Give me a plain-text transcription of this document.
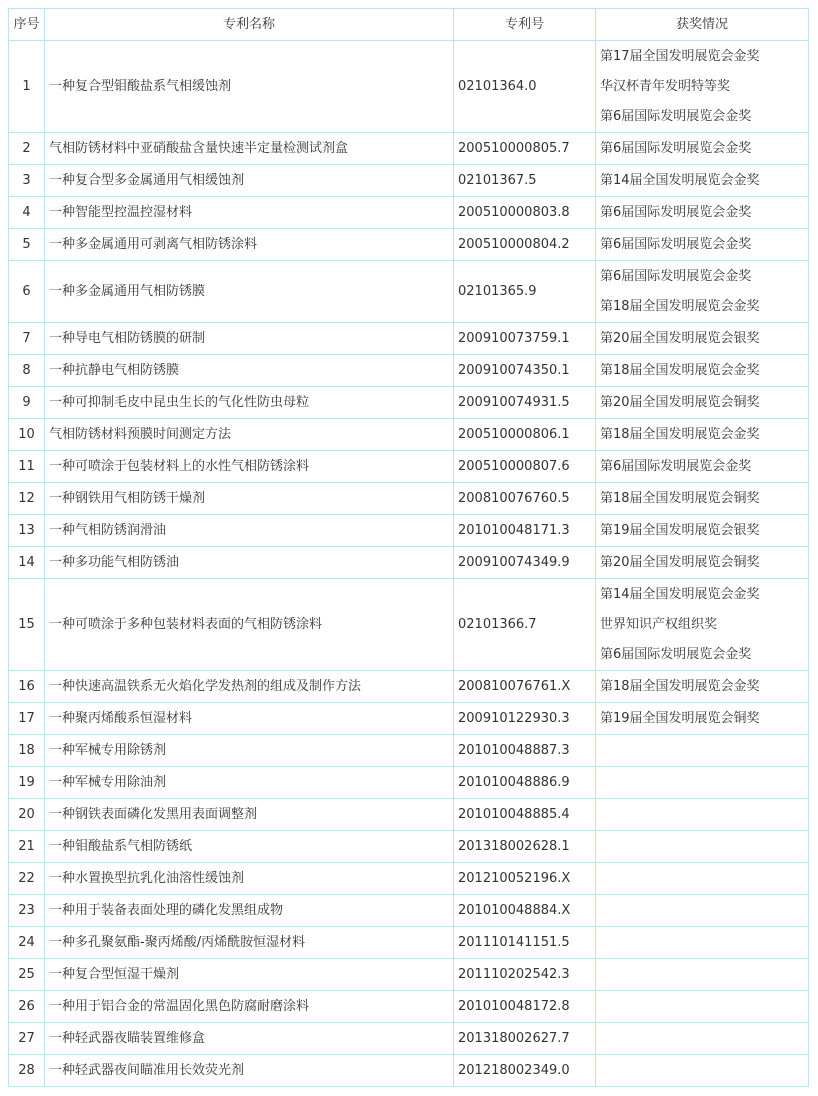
序号	专利名称	专利号	获奖情况
1	一种复合型钼酸盐系气相缓蚀剂	02101364.0	第17届全国发明展览会金奖
华汉杯青年发明特等奖
第6届国际发明展览会金奖

2	气相防锈材料中亚硝酸盐含量快速半定量检测试剂盒	200510000805.7	第6届国际发明展览会金奖

3	一种复合型多金属通用气相缓蚀剂	02101367.5	第14届全国发明展览会金奖

4	一种智能型控温控湿材料	200510000803.8	第6届国际发明展览会金奖

5	一种多金属通用可剥离气相防锈涂料	200510000804.2	第6届国际发明展览会金奖

6	一种多金属通用气相防锈膜	02101365.9	第6届国际发明展览会金奖
第18届全国发明展览会金奖

7	一种导电气相防锈膜的研制	200910073759.1	第20届全国发明展览会银奖

8	一种抗静电气相防锈膜	200910074350.1	第18届全国发明展览会金奖

9	一种可抑制毛皮中昆虫生长的气化性防虫母粒	200910074931.5	第20届全国发明展览会铜奖

10	气相防锈材料预膜时间测定方法	200510000806.1	第18届全国发明展览会金奖

11	一种可喷涂于包装材料上的水性气相防锈涂料	200510000807.6	第6届国际发明展览会金奖

12	一种钢铁用气相防锈干燥剂	200810076760.5	第18届全国发明展览会铜奖

13	一种气相防锈润滑油	201010048171.3	第19届全国发明展览会银奖

14	一种多功能气相防锈油	200910074349.9	第20届全国发明展览会铜奖

15	一种可喷涂于多种包装材料表面的气相防锈涂料	02101366.7	第14届全国发明展览会金奖
世界知识产权组织奖
第6届国际发明展览会金奖

16	一种快速高温铁系无火焰化学发热剂的组成及制作方法	200810076761.X	第18届全国发明展览会金奖

17	一种聚丙烯酸系恒湿材料	200910122930.3	第19届全国发明展览会铜奖

18	一种军械专用除锈剂	201010048887.3	
19	一种军械专用除油剂	201010048886.9	
20	一种钢铁表面磷化发黑用表面调整剂	201010048885.4	
21	一种钼酸盐系气相防锈纸	201318002628.1	
22	一种水置换型抗乳化油溶性缓蚀剂	201210052196.X	
23	一种用于装备表面处理的磷化发黑组成物	201010048884.X	
24	一种多孔聚氨酯-聚丙烯酸/丙烯酰胺恒湿材料	201110141151.5	
25	一种复合型恒湿干燥剂	201110202542.3	
26	一种用于铝合金的常温固化黑色防腐耐磨涂料	201010048172.8	
27	一种轻武器夜瞄装置维修盒	201318002627.7	
28	一种轻武器夜间瞄准用长效荧光剂	201218002349.0	
